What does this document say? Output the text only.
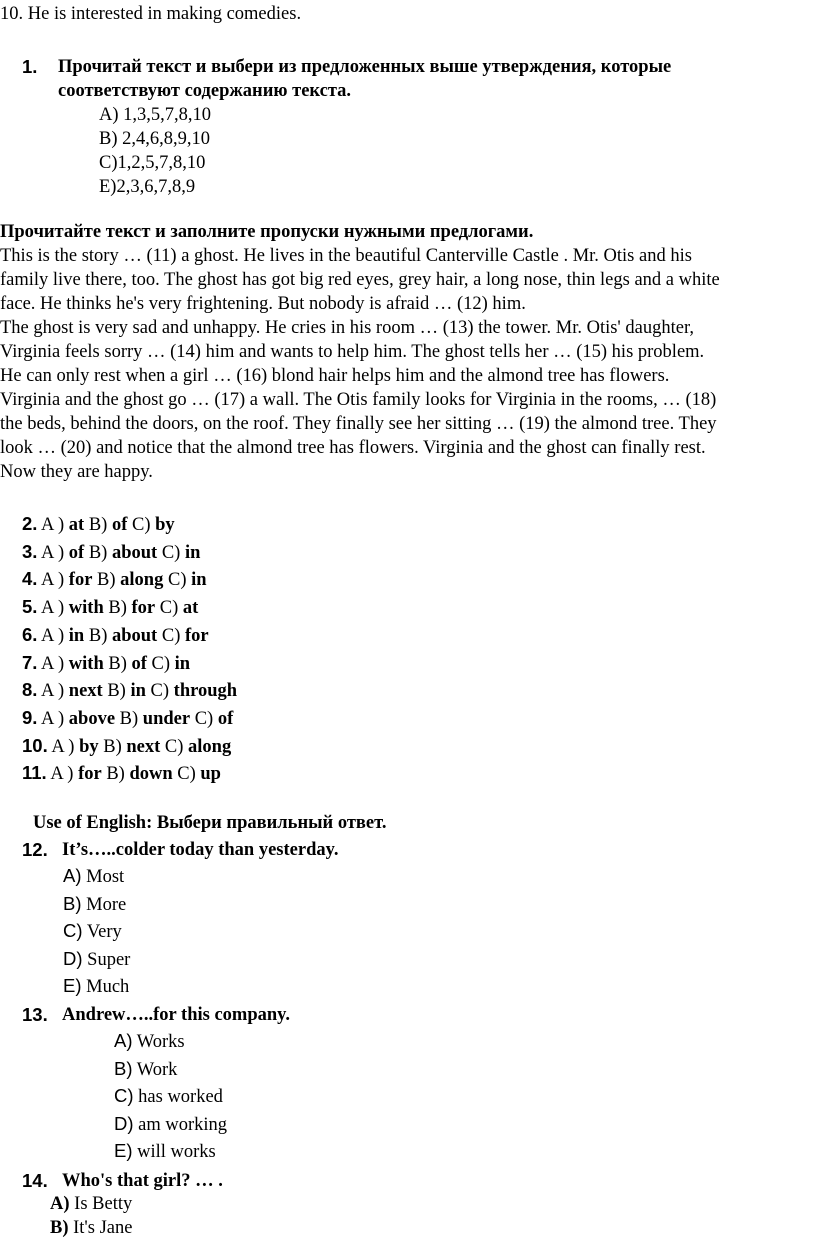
10. He is interested in making comedies.
1. Прочитай текст и выбери из предложенных выше утверждения, которые
соответствуют содержанию текста.
A) 1,3,5,7,8,10
B) 2,4,6,8,9,10
C)1,2,5,7,8,10
E)2,3,6,7,8,9
Прочитайте текст и заполните пропуски нужными предлогами.
This is the story … (11) a ghost. He lives in the beautiful Canterville Castle . Mr. Otis and his
family live there, too. The ghost has got big red eyes, grey hair, a long nose, thin legs and a white
face. He thinks he's very frightening. But nobody is afraid … (12) him.
The ghost is very sad and unhappy. He cries in his room … (13) the tower. Mr. Otis' daughter,
Virginia feels sorry … (14) him and wants to help him. The ghost tells her … (15) his problem.
He can only rest when a girl … (16) blond hair helps him and the almond tree has flowers.
Virginia and the ghost go … (17) a wall. The Otis family looks for Virginia in the rooms, … (18)
the beds, behind the doors, on the roof. They finally see her sitting … (19) the almond tree. They
look … (20) and notice that the almond tree has flowers. Virginia and the ghost can finally rest.
Now they are happy.
2. A ) at B) of C) by
3. A ) of B) about C) in
4. A ) for B) along C) in
5. A ) with B) for C) at
6. A ) in B) about C) for
7. A ) with B) of C) in
8. A ) next B) in C) through
9. A ) above B) under C) of
10. A ) by B) next C) along
11. A ) for B) down C) up
Use of English: Выбери правильный ответ.
12. It’s…..colder today than yesterday.
A) Most
B) More
C) Very
D) Super
E) Much
13. Andrew…..for this company.
A) Works
B) Work
C) has worked
D) am working
E) will works
14. Who's that girl? … .
A) Is Betty
B) It's Jane
